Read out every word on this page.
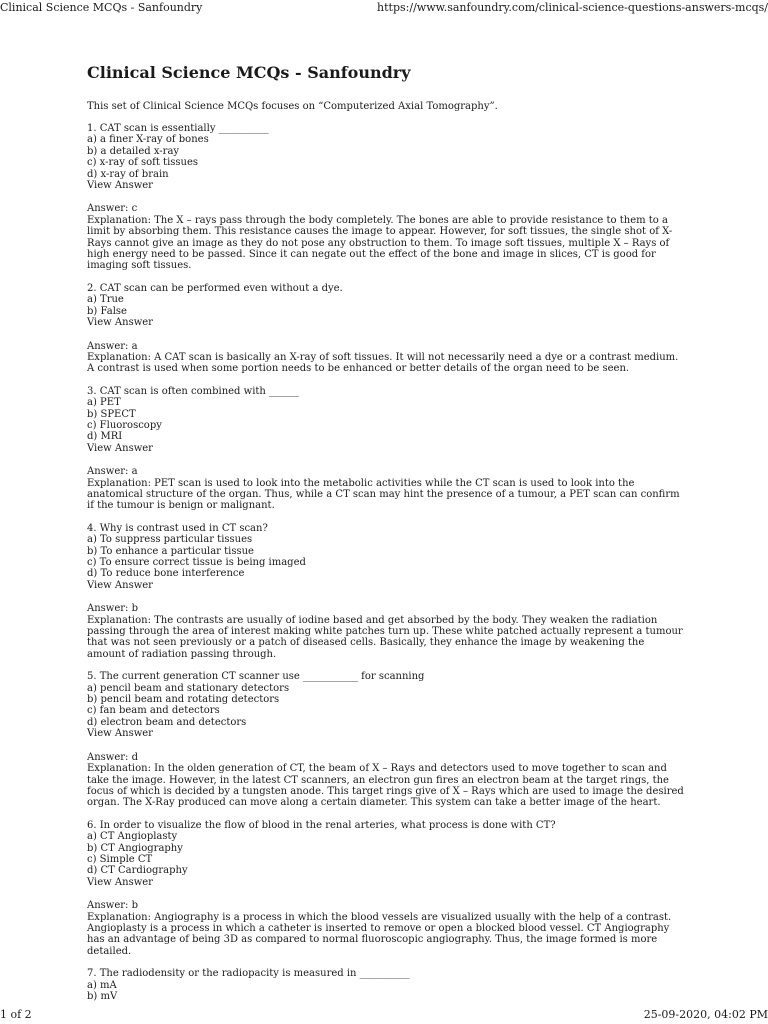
Clinical Science MCQs - Sanfoundry	https://www.sanfoundry.com/clinical-science-questions-answers-mcqs/
Clinical Science MCQs - Sanfoundry
This set of Clinical Science MCQs focuses on “Computerized Axial Tomography”.
1. CAT scan is essentially __________
a) a finer X-ray of bones
b) a detailed x-ray
c) x-ray of soft tissues
d) x-ray of brain
View Answer
Answer: c
Explanation: The X – rays pass through the body completely. The bones are able to provide resistance to them to a limit by absorbing them. This resistance causes the image to appear. However, for soft tissues, the single shot of X- Rays cannot give an image as they do not pose any obstruction to them. To image soft tissues, multiple X – Rays of high energy need to be passed. Since it can negate out the effect of the bone and image in slices, CT is good for imaging soft tissues.
2. CAT scan can be performed even without a dye.
a) True
b) False
View Answer
Answer: a
Explanation: A CAT scan is basically an X-ray of soft tissues. It will not necessarily need a dye or a contrast medium. A contrast is used when some portion needs to be enhanced or better details of the organ need to be seen.
3. CAT scan is often combined with ______
a) PET
b) SPECT
c) Fluoroscopy
d) MRI
View Answer
Answer: a
Explanation: PET scan is used to look into the metabolic activities while the CT scan is used to look into the anatomical structure of the organ. Thus, while a CT scan may hint the presence of a tumour, a PET scan can confirm if the tumour is benign or malignant.
4. Why is contrast used in CT scan?
a) To suppress particular tissues
b) To enhance a particular tissue
c) To ensure correct tissue is being imaged
d) To reduce bone interference
View Answer
Answer: b
Explanation: The contrasts are usually of iodine based and get absorbed by the body. They weaken the radiation passing through the area of interest making white patches turn up. These white patched actually represent a tumour that was not seen previously or a patch of diseased cells. Basically, they enhance the image by weakening the amount of radiation passing through.
5. The current generation CT scanner use ___________ for scanning
a) pencil beam and stationary detectors
b) pencil beam and rotating detectors
c) fan beam and detectors
d) electron beam and detectors
View Answer
Answer: d
Explanation: In the olden generation of CT, the beam of X – Rays and detectors used to move together to scan and take the image. However, in the latest CT scanners, an electron gun fires an electron beam at the target rings, the focus of which is decided by a tungsten anode. This target rings give of X – Rays which are used to image the desired organ. The X-Ray produced can move along a certain diameter. This system can take a better image of the heart.
6. In order to visualize the flow of blood in the renal arteries, what process is done with CT?
a) CT Angioplasty
b) CT Angiography
c) Simple CT
d) CT Cardiography
View Answer
Answer: b
Explanation: Angiography is a process in which the blood vessels are visualized usually with the help of a contrast. Angioplasty is a process in which a catheter is inserted to remove or open a blocked blood vessel. CT Angiography has an advantage of being 3D as compared to normal fluoroscopic angiography. Thus, the image formed is more detailed.
7. The radiodensity or the radiopacity is measured in __________
a) mA
b) mV
1 of 2	25-09-2020, 04:02 PM
